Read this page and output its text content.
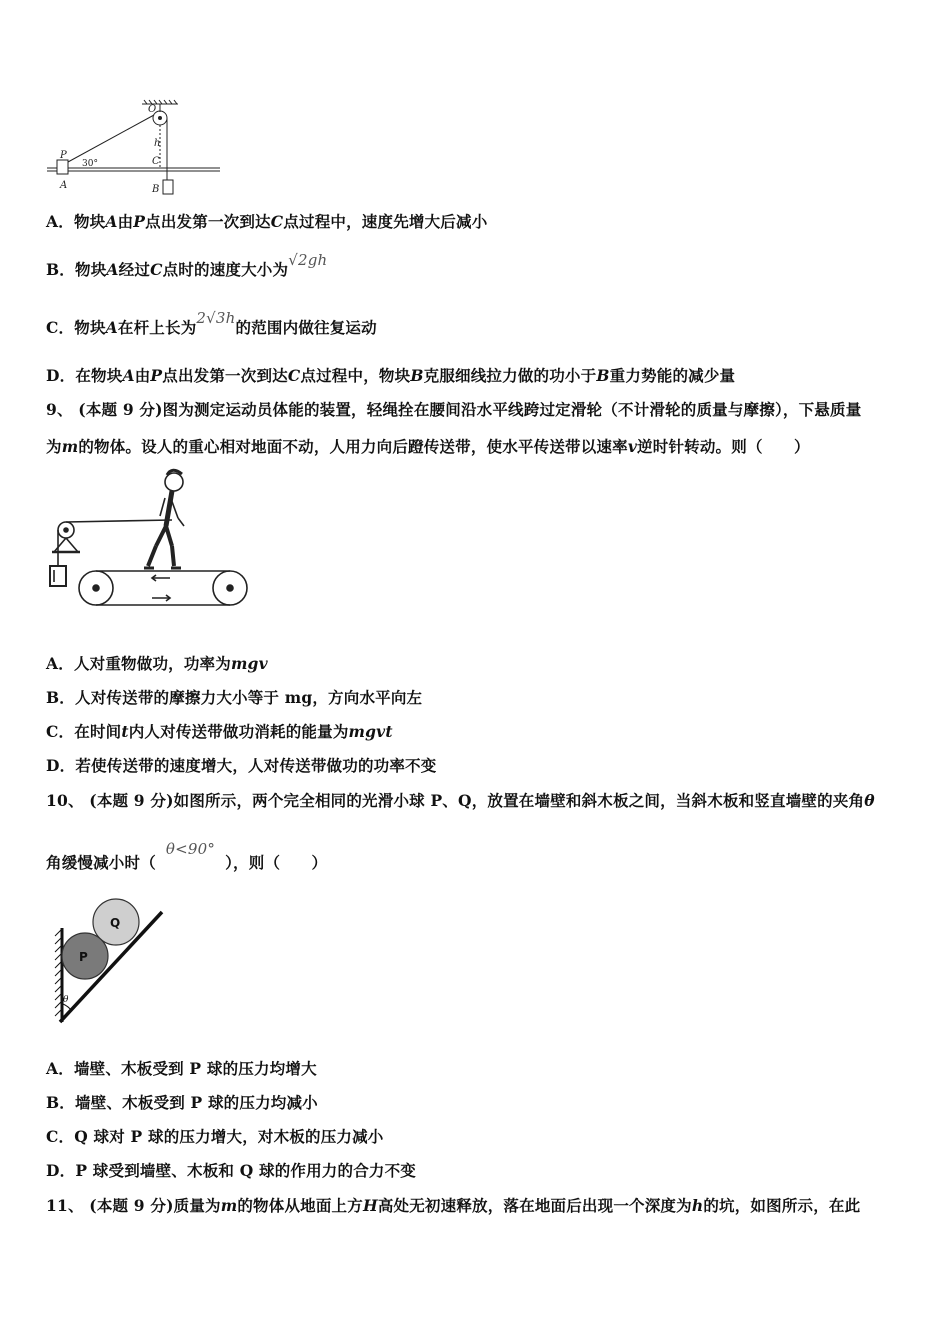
O
P
A	B
C
h
30°
A．物块A由P点出发第一次到达C点过程中，速度先增大后减小
B．物块A经过C点时的速度大小为√2gh
C．物块A在杆上长为2√3h的范围内做往复运动
D．在物块A由P点出发第一次到达C点过程中，物块B克服细线拉力做的功小于B重力势能的减少量
9、 (本题 9 分)图为测定运动员体能的装置，轻绳拴在腰间沿水平线跨过定滑轮（不计滑轮的质量与摩擦），下悬质量
为m的物体。设人的重心相对地面不动，人用力向后蹬传送带，使水平传送带以速率v逆时针转动。则（　　）
A．人对重物做功，功率为mgv
B．人对传送带的摩擦力大小等于 mg，方向水平向左
C．在时间t内人对传送带做功消耗的能量为mgvt
D．若使传送带的速度增大，人对传送带做功的功率不变
10、 (本题 9 分)如图所示，两个完全相同的光滑小球 P、Q，放置在墙壁和斜木板之间，当斜木板和竖直墙壁的夹角θ
角缓慢减小时（θ<90°），则（　　）
Q
P
θ
A．墙壁、木板受到 P 球的压力均增大
B．墙壁、木板受到 P 球的压力均减小
C．Q 球对 P 球的压力增大，对木板的压力减小
D．P 球受到墙壁、木板和 Q 球的作用力的合力不变
11、 (本题 9 分)质量为m的物体从地面上方H高处无初速释放，落在地面后出现一个深度为h的坑，如图所示，在此
